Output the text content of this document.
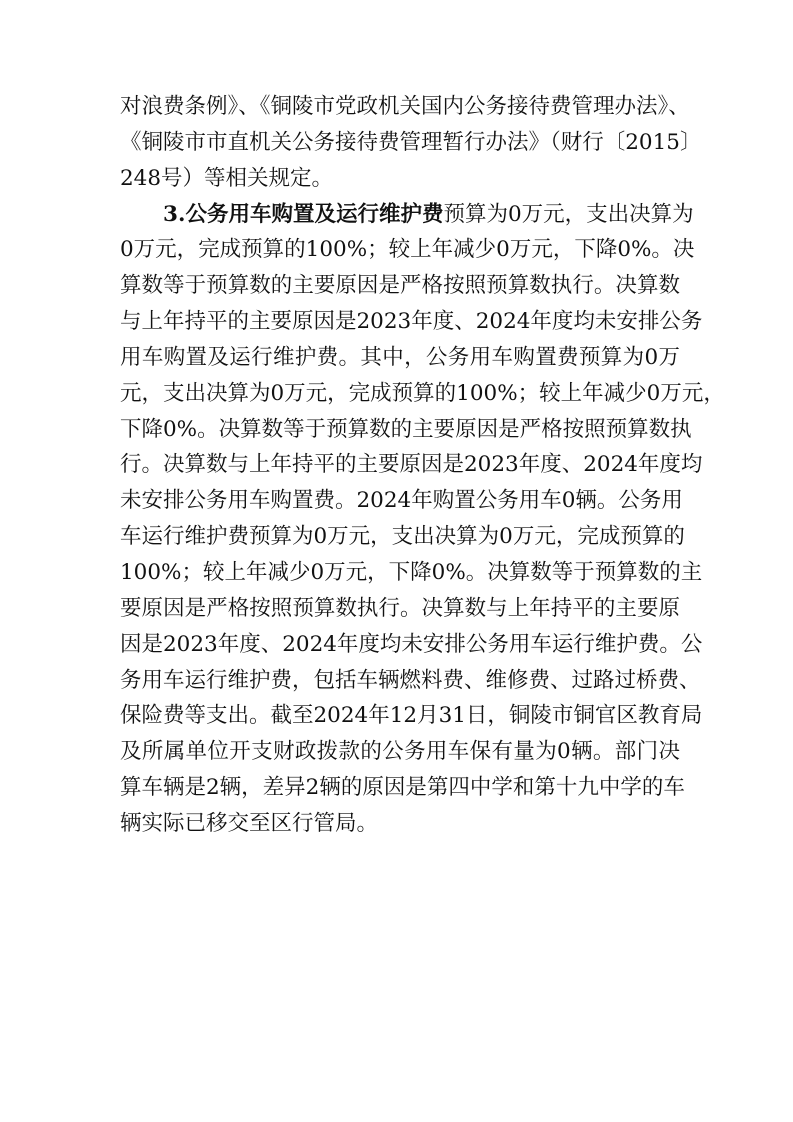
对浪费条例》、《铜陵市党政机关国内公务接待费管理办法》、
《铜陵市市直机关公务接待费管理暂行办法》（财行〔2015〕
248号）等相关规定。
3.公务用车购置及运行维护费预算为0万元，支出决算为
0万元，完成预算的100%；较上年减少0万元，下降0%。决
算数等于预算数的主要原因是严格按照预算数执行。决算数
与上年持平的主要原因是2023年度、2024年度均未安排公务
用车购置及运行维护费。其中，公务用车购置费预算为0万
元，支出决算为0万元，完成预算的100%；较上年减少0万元，
下降0%。决算数等于预算数的主要原因是严格按照预算数执
行。决算数与上年持平的主要原因是2023年度、2024年度均
未安排公务用车购置费。2024年购置公务用车0辆。公务用
车运行维护费预算为0万元，支出决算为0万元，完成预算的
100%；较上年减少0万元，下降0%。决算数等于预算数的主
要原因是严格按照预算数执行。决算数与上年持平的主要原
因是2023年度、2024年度均未安排公务用车运行维护费。公
务用车运行维护费，包括车辆燃料费、维修费、过路过桥费、
保险费等支出。截至2024年12月31日，铜陵市铜官区教育局
及所属单位开支财政拨款的公务用车保有量为0辆。部门决
算车辆是2辆，差异2辆的原因是第四中学和第十九中学的车
辆实际已移交至区行管局。
